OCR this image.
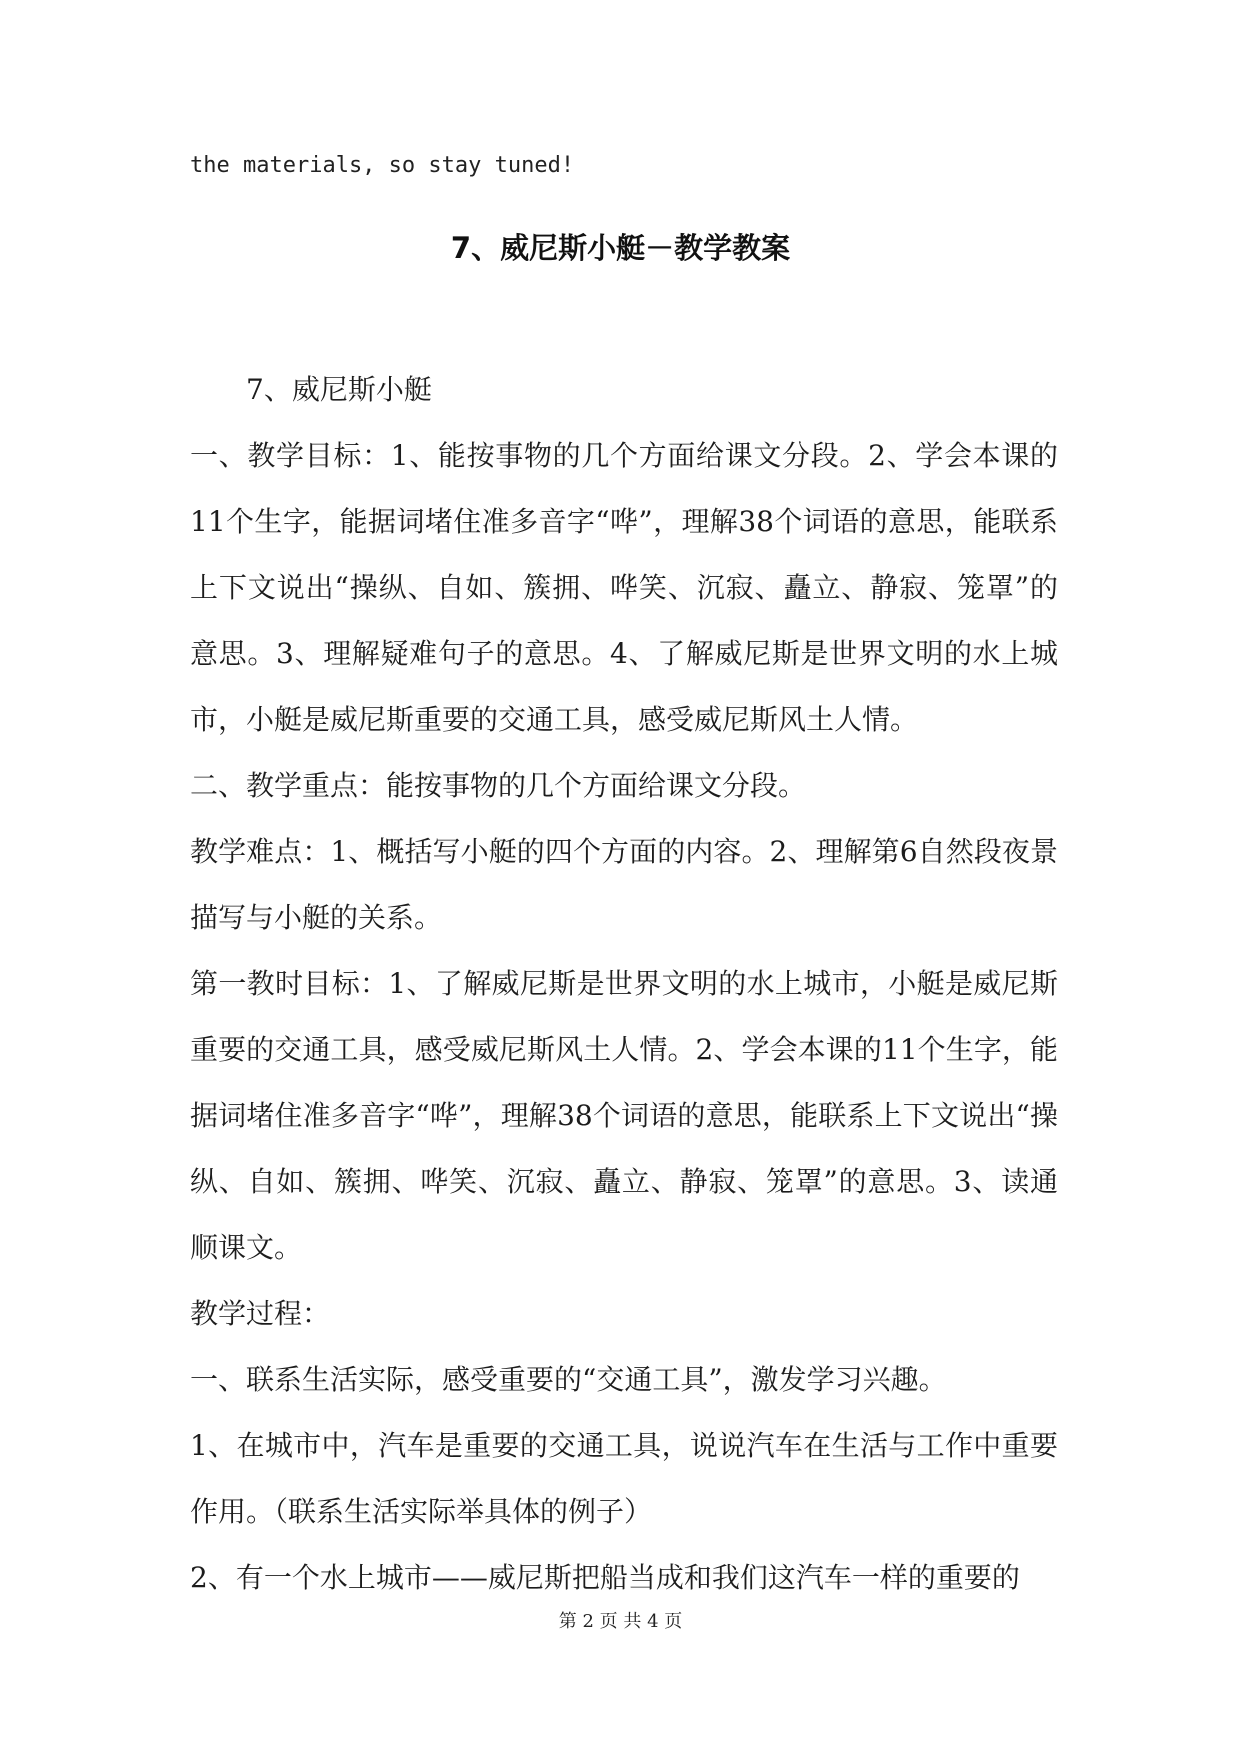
the materials, so stay tuned!
7、威尼斯小艇－教学教案

7、威尼斯小艇

一、教学目标：1、能按事物的几个方面给课文分段。2、学会本课的11个生字，能据词堵住准多音字“哗”，理解38个词语的意思，能联系上下文说出“操纵、自如、簇拥、哗笑、沉寂、矗立、静寂、笼罩”的意思。3、理解疑难句子的意思。4、了解威尼斯是世界文明的水上城市，小艇是威尼斯重要的交通工具，感受威尼斯风土人情。

二、教学重点：能按事物的几个方面给课文分段。

教学难点：1、概括写小艇的四个方面的内容。2、理解第6自然段夜景描写与小艇的关系。

第一教时目标：1、了解威尼斯是世界文明的水上城市，小艇是威尼斯重要的交通工具，感受威尼斯风土人情。2、学会本课的11个生字，能据词堵住准多音字“哗”，理解38个词语的意思，能联系上下文说出“操纵、自如、簇拥、哗笑、沉寂、矗立、静寂、笼罩”的意思。3、读通顺课文。

教学过程：

一、联系生活实际，感受重要的“交通工具”，激发学习兴趣。

1、在城市中，汽车是重要的交通工具，说说汽车在生活与工作中重要作用。（联系生活实际举具体的例子）

2、有一个水上城市——威尼斯把船当成和我们这汽车一样的重要的

第 2 页 共 4 页
